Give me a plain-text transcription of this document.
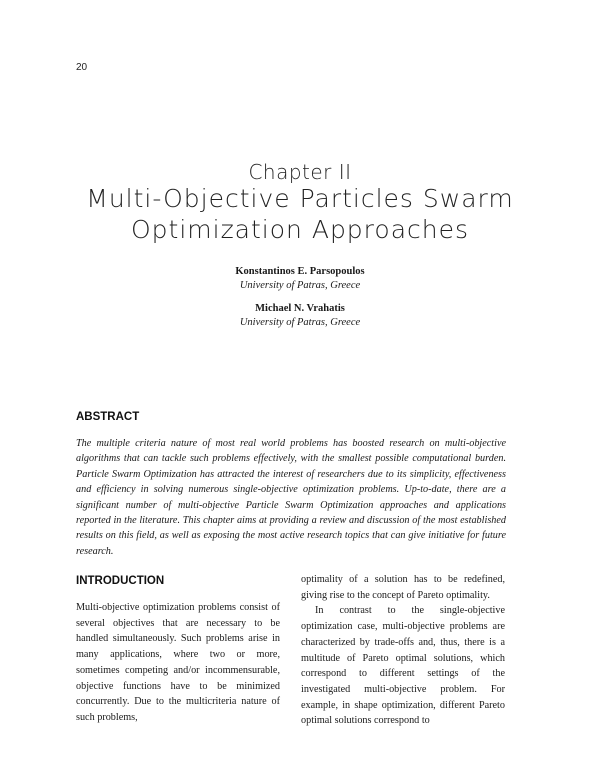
20
Chapter II
Multi-Objective Particles Swarm Optimization Approaches
Konstantinos E. Parsopoulos
University of Patras, Greece
Michael N. Vrahatis
University of Patras, Greece
ABSTRACT
The multiple criteria nature of most real world problems has boosted research on multi-objective algorithms that can tackle such problems effectively, with the smallest possible computational burden. Particle Swarm Optimization has attracted the interest of researchers due to its simplicity, effectiveness and efficiency in solving numerous single-objective optimization problems. Up-to-date, there are a significant number of multi-objective Particle Swarm Optimization approaches and applications reported in the literature. This chapter aims at providing a review and discussion of the most established results on this field, as well as exposing the most active research topics that can give initiative for future research.
INTRODUCTION

Multi-objective optimization problems consist of several objectives that are necessary to be handled simultaneously. Such problems arise in many applications, where two or more, sometimes competing and/or incommensurable, objective functions have to be minimized concurrently. Due to the multicriteria nature of such problems,

optimality of a solution has to be redefined, giving rise to the concept of Pareto optimality.

In contrast to the single-objective optimization case, multi-objective problems are characterized by trade-offs and, thus, there is a multitude of Pareto optimal solutions, which correspond to different settings of the investigated multi-objective problem. For example, in shape optimization, different Pareto optimal solutions correspond to
